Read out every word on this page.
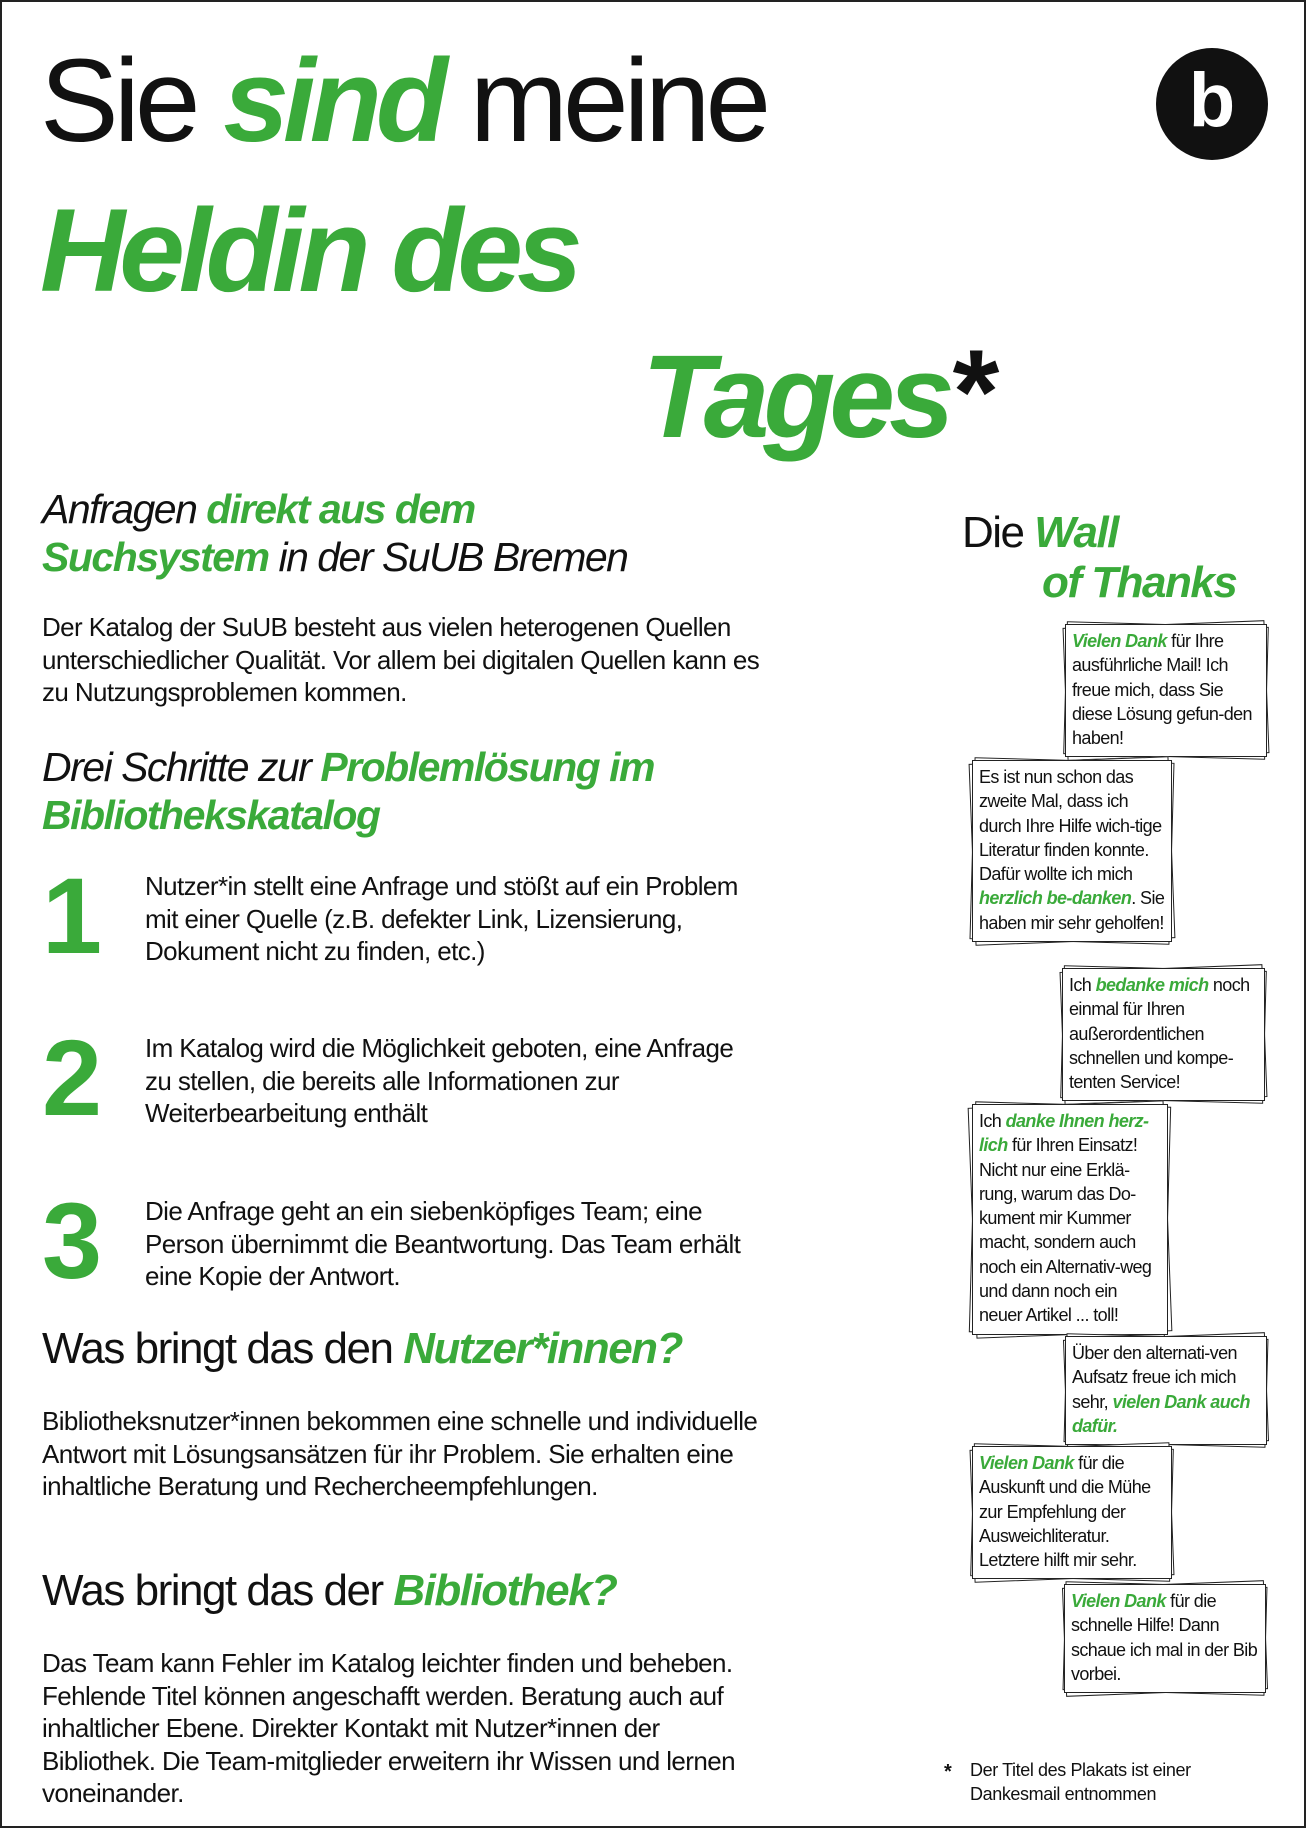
Sie sind meine
Heldin des
Tages*
b
Anfragen direkt aus dem
Suchsystem in der SuUB Bremen
Der Katalog der SuUB besteht aus vielen heterogenen Quellen unterschiedlicher Qualität. Vor allem bei digitalen Quellen kann es zu Nutzungsproblemen kommen.
Drei Schritte zur Problemlösung im
Bibliothekskatalog
1 Nutzer*in stellt eine Anfrage und stößt auf ein Problem mit einer Quelle (z.B. defekter Link, Lizensierung, Dokument nicht zu finden, etc.)
2 Im Katalog wird die Möglichkeit geboten, eine Anfrage zu stellen, die bereits alle Informationen zur Weiterbearbeitung enthält
3 Die Anfrage geht an ein siebenköpfiges Team; eine Person übernimmt die Beantwortung. Das Team erhält eine Kopie der Antwort.
Was bringt das den Nutzer*innen?
Bibliotheksnutzer*innen bekommen eine schnelle und individuelle Antwort mit Lösungsansätzen für ihr Problem. Sie erhalten eine inhaltliche Beratung und Rechercheempfehlungen.
Was bringt das der Bibliothek?
Das Team kann Fehler im Katalog leichter finden und beheben. Fehlende Titel können angeschafft werden. Beratung auch auf inhaltlicher Ebene. Direkter Kontakt mit Nutzer*innen der Bibliothek. Die Team-mitglieder erweitern ihr Wissen und lernen voneinander.
Die Wall
of Thanks
Vielen Dank für Ihre ausführliche Mail! Ich freue mich, dass Sie diese Lösung gefun-den haben!
Es ist nun schon das zweite Mal, dass ich durch Ihre Hilfe wich-tige Literatur finden konnte. Dafür wollte ich mich herzlich be-danken. Sie haben mir sehr geholfen!
Ich bedanke mich noch einmal für Ihren außerordentlichen schnellen und kompe-tenten Service!
Ich danke Ihnen herz-lich für Ihren Einsatz! Nicht nur eine Erklä-rung, warum das Do-kument mir Kummer macht, sondern auch noch ein Alternativ-weg und dann noch ein neuer Artikel ... toll!
Über den alternati-ven Aufsatz freue ich mich sehr, vielen Dank auch dafür.
Vielen Dank für die Auskunft und die Mühe zur Empfehlung der Ausweichliteratur. Letztere hilft mir sehr.
Vielen Dank für die schnelle Hilfe! Dann schaue ich mal in der Bib vorbei.
*	Der Titel des Plakats ist einer Dankesmail entnommen
